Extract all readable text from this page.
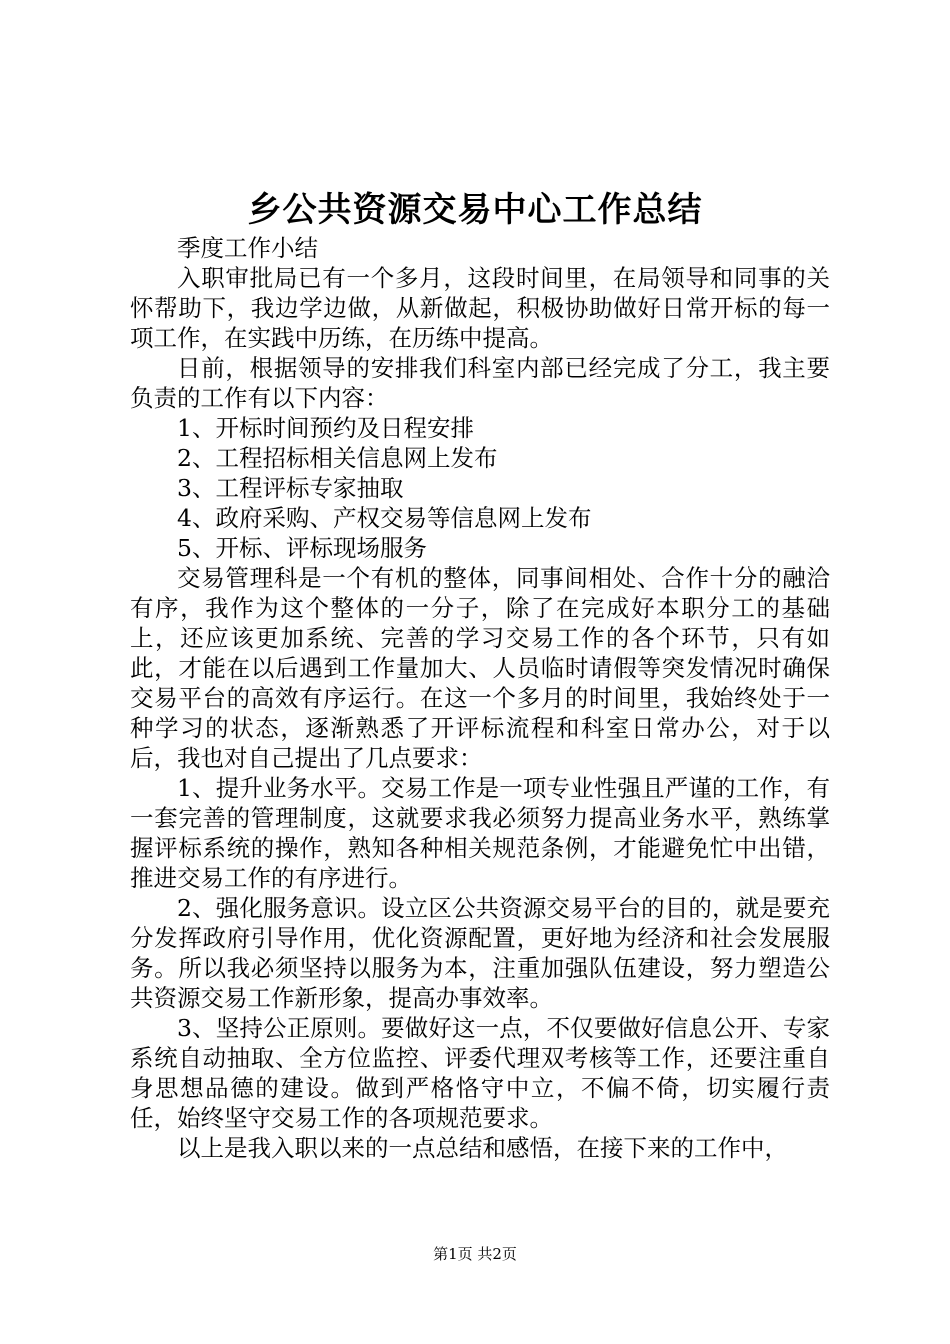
乡公共资源交易中心工作总结

季度工作小结

入职审批局已有一个多月，这段时间里，在局领导和同事的关怀帮助下，我边学边做，从新做起，积极协助做好日常开标的每一项工作，在实践中历练，在历练中提高。

日前，根据领导的安排我们科室内部已经完成了分工，我主要负责的工作有以下内容：

1、开标时间预约及日程安排

2、工程招标相关信息网上发布

3、工程评标专家抽取

4、政府采购、产权交易等信息网上发布

5、开标、评标现场服务

交易管理科是一个有机的整体，同事间相处、合作十分的融洽有序，我作为这个整体的一分子，除了在完成好本职分工的基础上，还应该更加系统、完善的学习交易工作的各个环节，只有如此，才能在以后遇到工作量加大、人员临时请假等突发情况时确保交易平台的高效有序运行。在这一个多月的时间里，我始终处于一种学习的状态，逐渐熟悉了开评标流程和科室日常办公，对于以后，我也对自己提出了几点要求：

1、提升业务水平。交易工作是一项专业性强且严谨的工作，有一套完善的管理制度，这就要求我必须努力提高业务水平，熟练掌握评标系统的操作，熟知各种相关规范条例，才能避免忙中出错，推进交易工作的有序进行。

2、强化服务意识。设立区公共资源交易平台的目的，就是要充分发挥政府引导作用，优化资源配置，更好地为经济和社会发展服务。所以我必须坚持以服务为本，注重加强队伍建设，努力塑造公共资源交易工作新形象，提高办事效率。

3、坚持公正原则。要做好这一点，不仅要做好信息公开、专家系统自动抽取、全方位监控、评委代理双考核等工作，还要注重自身思想品德的建设。做到严格恪守中立，不偏不倚，切实履行责任，始终坚守交易工作的各项规范要求。

以上是我入职以来的一点总结和感悟，在接下来的工作中，

第1页 共2页
